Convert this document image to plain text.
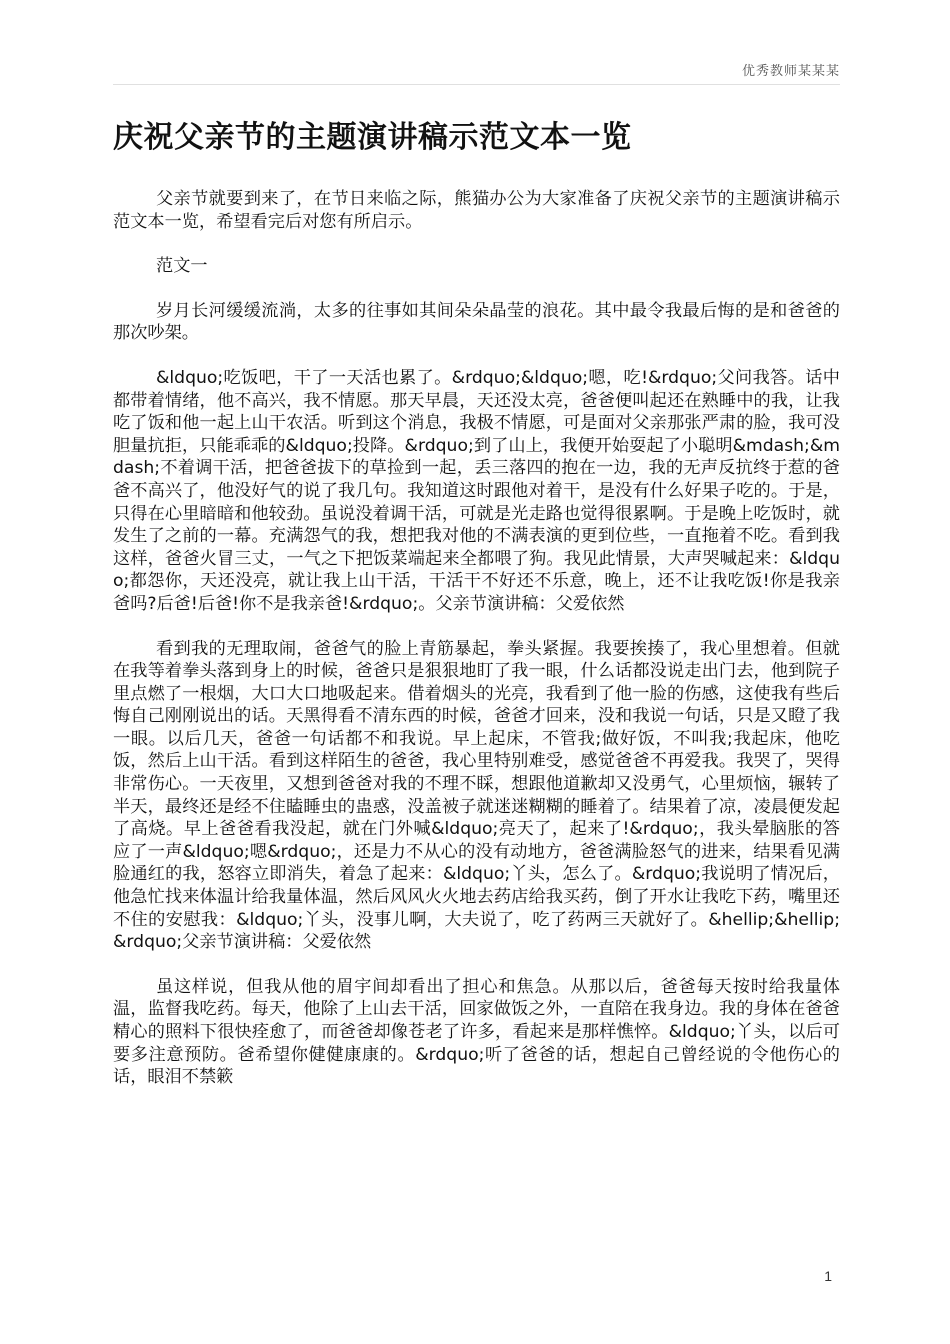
优秀教师某某某
庆祝父亲节的主题演讲稿示范文本一览

父亲节就要到来了，在节日来临之际，熊猫办公为大家准备了庆祝父亲节的主题演讲稿示范文本一览，希望看完后对您有所启示。

范文一

岁月长河缓缓流淌，太多的往事如其间朵朵晶莹的浪花。其中最令我最后悔的是和爸爸的那次吵架。

&ldquo;吃饭吧，干了一天活也累了。&rdquo;&ldquo;嗯，吃!&rdquo;父问我答。话中都带着情绪，他不高兴，我不情愿。那天早晨，天还没太亮，爸爸便叫起还在熟睡中的我，让我吃了饭和他一起上山干农活。听到这个消息，我极不情愿，可是面对父亲那张严肃的脸，我可没胆量抗拒，只能乖乖的&ldquo;投降。&rdquo;到了山上，我便开始耍起了小聪明&mdash;&mdash;不着调干活，把爸爸拔下的草捡到一起，丢三落四的抱在一边，我的无声反抗终于惹的爸爸不高兴了，他没好气的说了我几句。我知道这时跟他对着干，是没有什么好果子吃的。于是，只得在心里暗暗和他较劲。虽说没着调干活，可就是光走路也觉得很累啊。于是晚上吃饭时，就发生了之前的一幕。充满怨气的我，想把我对他的不满表演的更到位些，一直拖着不吃。看到我这样，爸爸火冒三丈，一气之下把饭菜端起来全都喂了狗。我见此情景，大声哭喊起来：&ldquo;都怨你，天还没亮，就让我上山干活，干活干不好还不乐意，晚上，还不让我吃饭!你是我亲爸吗?后爸!后爸!你不是我亲爸!&rdquo;。父亲节演讲稿：父爱依然

看到我的无理取闹，爸爸气的脸上青筋暴起，拳头紧握。我要挨揍了，我心里想着。但就在我等着拳头落到身上的时候，爸爸只是狠狠地盯了我一眼，什么话都没说走出门去，他到院子里点燃了一根烟，大口大口地吸起来。借着烟头的光亮，我看到了他一脸的伤感，这使我有些后悔自己刚刚说出的话。天黑得看不清东西的时候，爸爸才回来，没和我说一句话，只是又瞪了我一眼。以后几天，爸爸一句话都不和我说。早上起床，不管我;做好饭，不叫我;我起床，他吃饭，然后上山干活。看到这样陌生的爸爸，我心里特别难受，感觉爸爸不再爱我。我哭了，哭得非常伤心。一天夜里，又想到爸爸对我的不理不睬，想跟他道歉却又没勇气，心里烦恼，辗转了半天，最终还是经不住瞌睡虫的蛊惑，没盖被子就迷迷糊糊的睡着了。结果着了凉，凌晨便发起了高烧。早上爸爸看我没起，就在门外喊&ldquo;亮天了，起来了!&rdquo;，我头晕脑胀的答应了一声&ldquo;嗯&rdquo;，还是力不从心的没有动地方，爸爸满脸怒气的进来，结果看见满脸通红的我，怒容立即消失，着急了起来：&ldquo;丫头，怎么了。&rdquo;我说明了情况后，他急忙找来体温计给我量体温，然后风风火火地去药店给我买药，倒了开水让我吃下药，嘴里还不住的安慰我：&ldquo;丫头，没事儿啊，大夫说了，吃了药两三天就好了。&hellip;&hellip;&rdquo;父亲节演讲稿：父爱依然

虽这样说，但我从他的眉宇间却看出了担心和焦急。从那以后，爸爸每天按时给我量体温，监督我吃药。每天，他除了上山去干活，回家做饭之外，一直陪在我身边。我的身体在爸爸精心的照料下很快痊愈了，而爸爸却像苍老了许多，看起来是那样憔悴。&ldquo;丫头，以后可要多注意预防。爸希望你健健康康的。&rdquo;听了爸爸的话，想起自己曾经说的令他伤心的话，眼泪不禁簌

1
